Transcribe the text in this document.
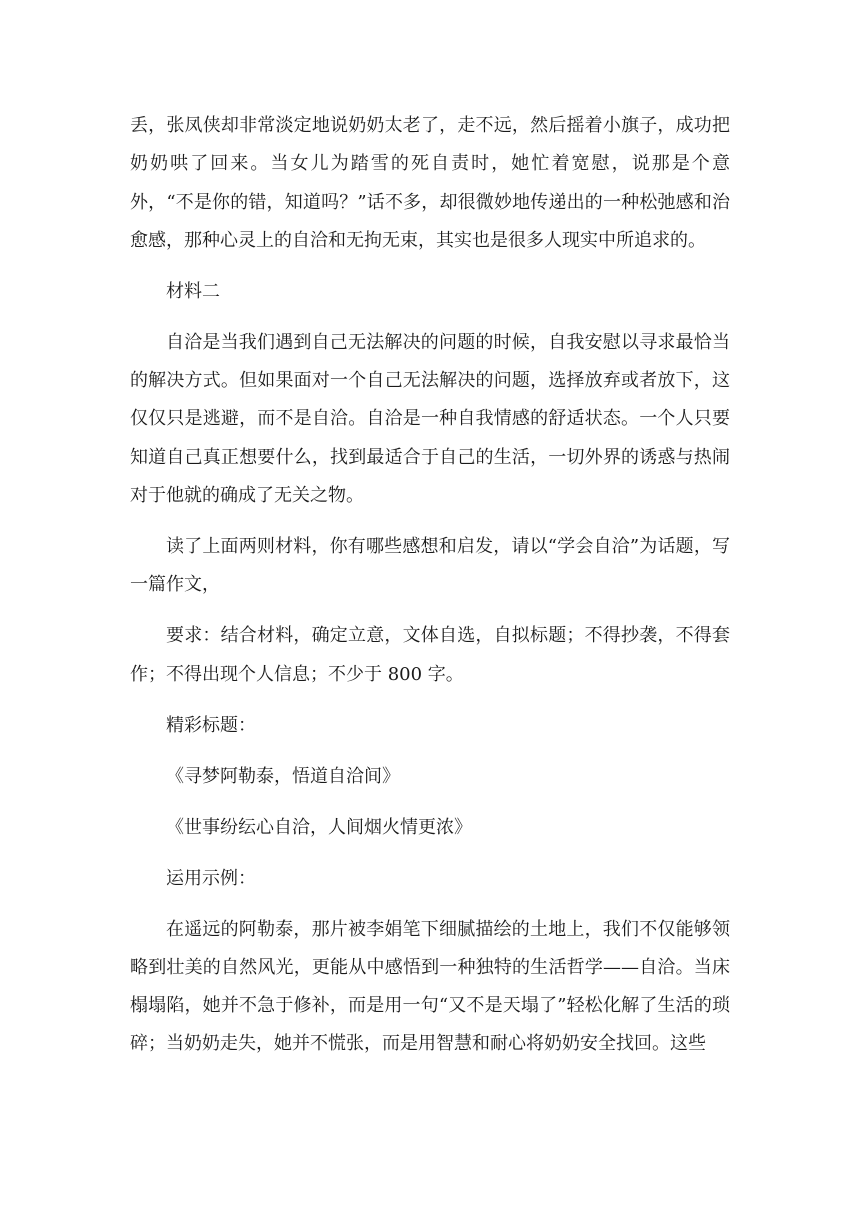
丢，张凤侠却非常淡定地说奶奶太老了，走不远，然后摇着小旗子，成功把奶奶哄了回来。当女儿为踏雪的死自责时，她忙着宽慰，说那是个意外，“不是你的错，知道吗？”话不多，却很微妙地传递出的一种松弛感和治愈感，那种心灵上的自洽和无拘无束，其实也是很多人现实中所追求的。

材料二

自洽是当我们遇到自己无法解决的问题的时候，自我安慰以寻求最恰当的解决方式。但如果面对一个自己无法解决的问题，选择放弃或者放下，这仅仅只是逃避，而不是自洽。自洽是一种自我情感的舒适状态。一个人只要知道自己真正想要什么，找到最适合于自己的生活，一切外界的诱惑与热闹对于他就的确成了无关之物。

读了上面两则材料，你有哪些感想和启发，请以“学会自洽”为话题，写一篇作文，

要求：结合材料，确定立意，文体自选，自拟标题；不得抄袭，不得套作；不得出现个人信息；不少于 800 字。

精彩标题：

《寻梦阿勒泰，悟道自洽间》

《世事纷纭心自洽，人间烟火情更浓》

运用示例：

在遥远的阿勒泰，那片被李娟笔下细腻描绘的土地上，我们不仅能够领略到壮美的自然风光，更能从中感悟到一种独特的生活哲学——自洽。当床榻塌陷，她并不急于修补，而是用一句“又不是天塌了”轻松化解了生活的琐碎；当奶奶走失，她并不慌张，而是用智慧和耐心将奶奶安全找回。这些
